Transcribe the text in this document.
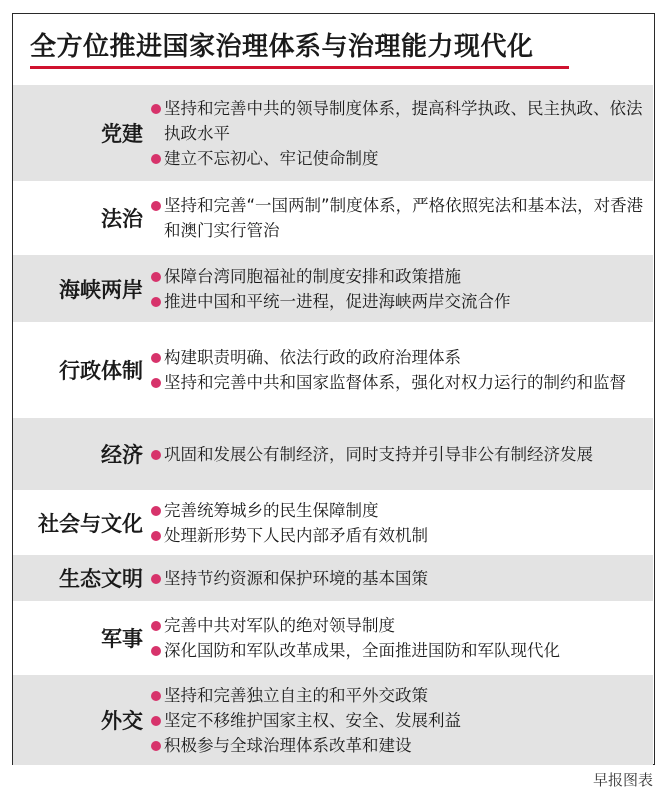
全方位推进国家治理体系与治理能力现代化
党建
坚持和完善中共的领导制度体系，提高科学执政、民主执政、依法执政水平
建立不忘初心、牢记使命制度
法治
坚持和完善“一国两制”制度体系，严格依照宪法和基本法，对香港和澳门实行管治
海峡两岸
保障台湾同胞福祉的制度安排和政策措施
推进中国和平统一进程，促进海峡两岸交流合作
行政体制
构建职责明确、依法行政的政府治理体系
坚持和完善中共和国家监督体系，强化对权力运行的制约和监督
经济	巩固和发展公有制经济，同时支持并引导非公有制经济发展
社会与文化
完善统筹城乡的民生保障制度
处理新形势下人民内部矛盾有效机制
生态文明	坚持节约资源和保护环境的基本国策
军事
完善中共对军队的绝对领导制度
深化国防和军队改革成果，全面推进国防和军队现代化
外交
坚持和完善独立自主的和平外交政策
坚定不移维护国家主权、安全、发展利益
积极参与全球治理体系改革和建设
早报图表
